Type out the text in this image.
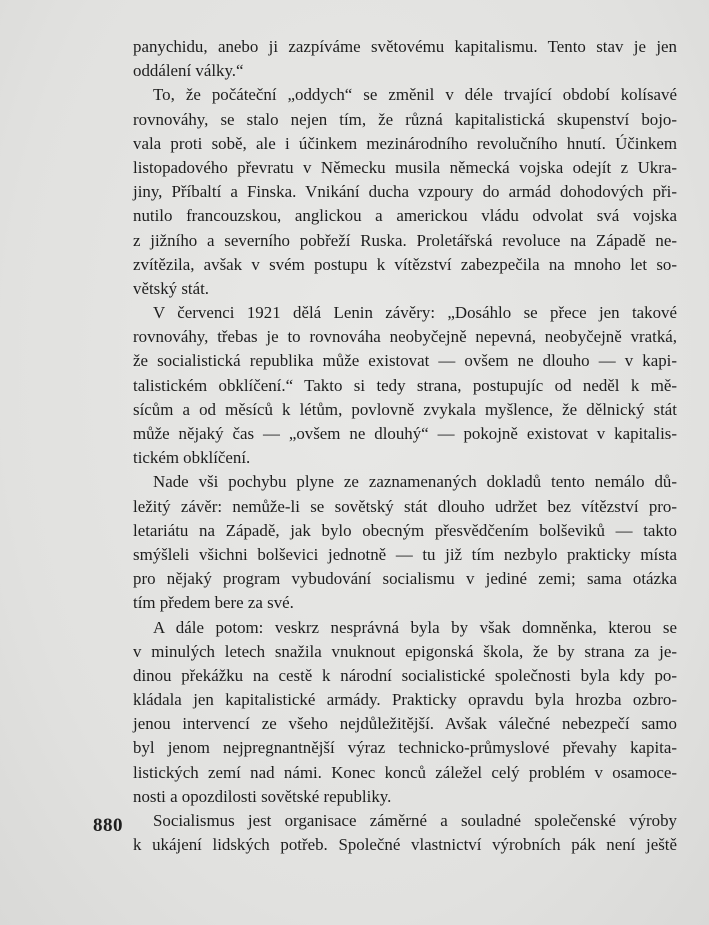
panychidu, anebo ji zazpíváme světovému kapitalismu. Tento stav je jen
oddálení války.“
To, že počáteční „oddych“ se změnil v déle trvající období kolísavé
rovnováhy, se stalo nejen tím, že různá kapitalistická skupenství bojo-
vala proti sobě, ale i účinkem mezinárodního revolučního hnutí. Účinkem
listopadového převratu v Německu musila německá vojska odejít z Ukra-
jiny, Příbaltí a Finska. Vnikání ducha vzpoury do armád dohodových při-
nutilo francouzskou, anglickou a americkou vládu odvolat svá vojska
z jižního a severního pobřeží Ruska. Proletářská revoluce na Západě ne-
zvítězila, avšak v svém postupu k vítězství zabezpečila na mnoho let so-
větský stát.
V červenci 1921 dělá Lenin závěry: „Dosáhlo se přece jen takové
rovnováhy, třebas je to rovnováha neobyčejně nepevná, neobyčejně vratká,
že socialistická republika může existovat — ovšem ne dlouho — v kapi-
talistickém obklíčení.“ Takto si tedy strana, postupujíc od neděl k mě-
sícům a od měsíců k létům, povlovně zvykala myšlence, že dělnický stát
může nějaký čas — „ovšem ne dlouhý“ — pokojně existovat v kapitalis-
tickém obklíčení.
Nade vši pochybu plyne ze zaznamenaných dokladů tento nemálo dů-
ležitý závěr: nemůže-li se sovětský stát dlouho udržet bez vítězství pro-
letariátu na Západě, jak bylo obecným přesvědčením bolševiků — takto
smýšleli všichni bolševici jednotně — tu již tím nezbylo prakticky místa
pro nějaký program vybudování socialismu v jediné zemi; sama otázka
tím předem bere za své.
A dále potom: veskrz nesprávná byla by však domněnka, kterou se
v minulých letech snažila vnuknout epigonská škola, že by strana za je-
dinou překážku na cestě k národní socialistické společnosti byla kdy po-
kládala jen kapitalistické armády. Prakticky opravdu byla hrozba ozbro-
jenou intervencí ze všeho nejdůležitější. Avšak válečné nebezpečí samo
byl jenom nejpregnantnější výraz technicko-průmyslové převahy kapita-
listických zemí nad námi. Konec konců záležel celý problém v osamoce-
nosti a opozdilosti sovětské republiky.
Socialismus jest organisace záměrné a souladné společenské výroby
k ukájení lidských potřeb. Společné vlastnictví výrobních pák není ještě
880
